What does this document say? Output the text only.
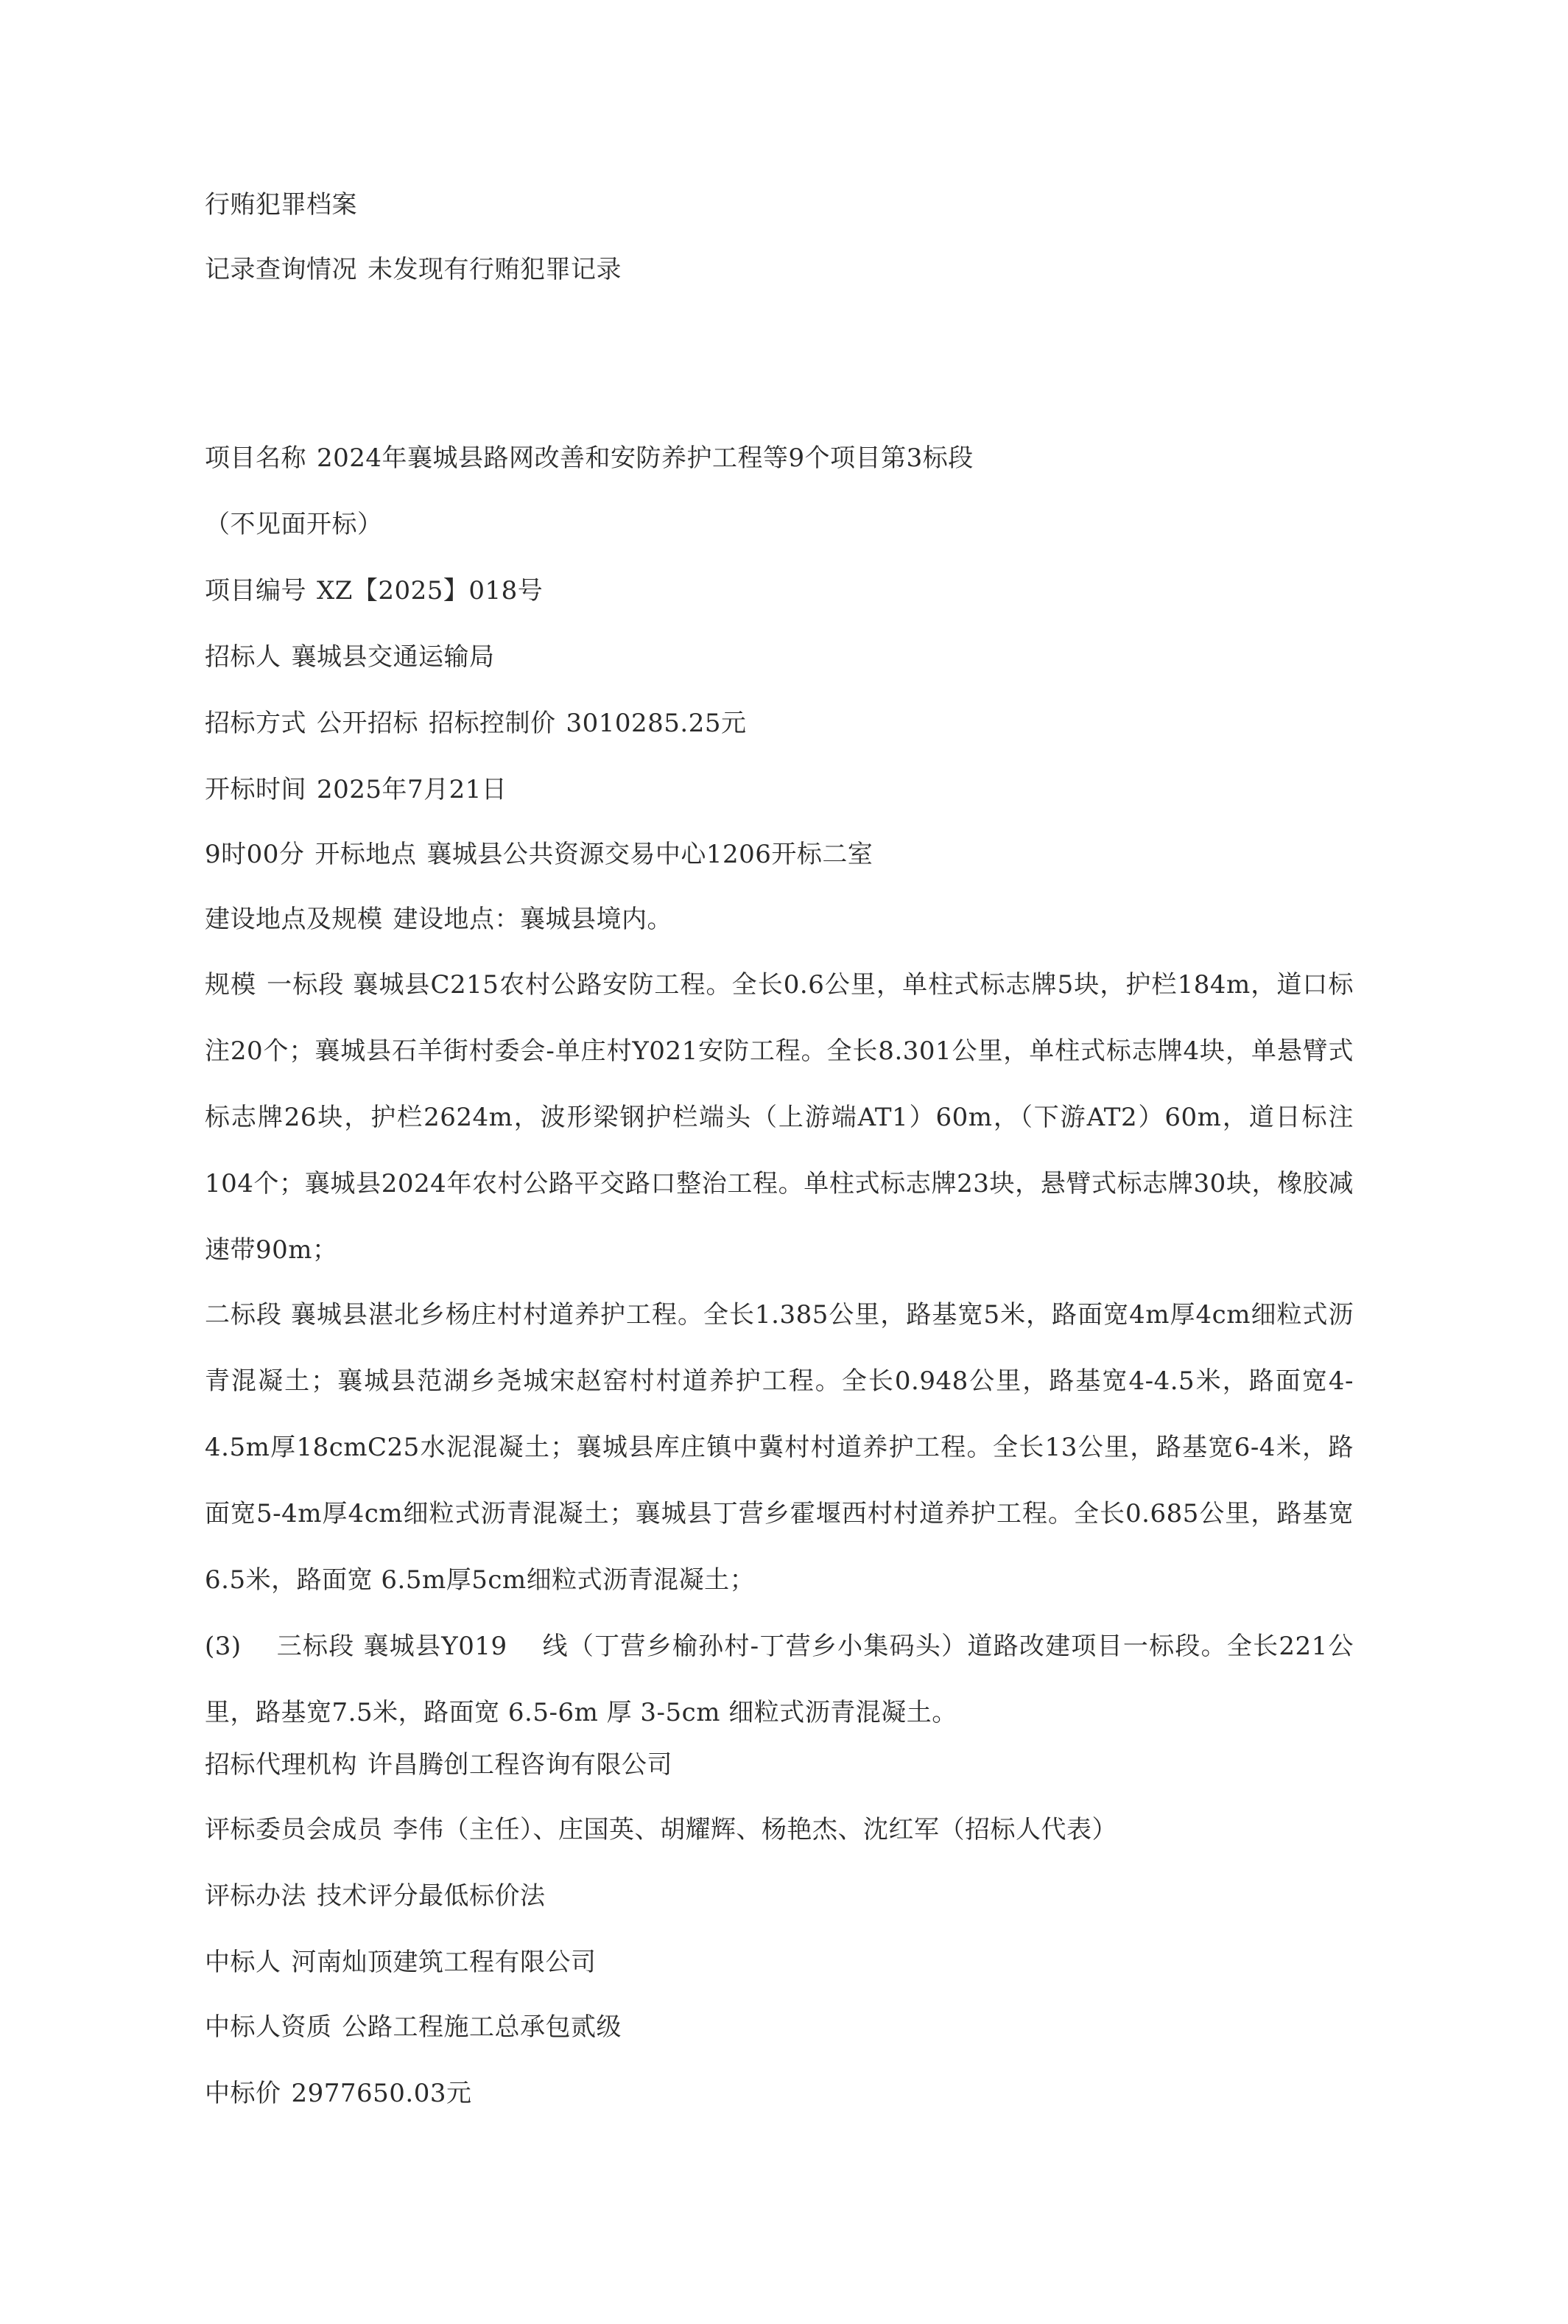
行贿犯罪档案
记录查询情况 未发现有行贿犯罪记录
项目名称 2024年襄城县路网改善和安防养护工程等9个项目第3标段
（不见面开标）
项目编号 XZ【2025】018号
招标人 襄城县交通运输局
招标方式 公开招标 招标控制价 3010285.25元
开标时间 2025年7月21日
9时00分 开标地点 襄城县公共资源交易中心1206开标二室
建设地点及规模 建设地点：襄城县境内。
规模 一标段 襄城县C215农村公路安防工程。全长0.6公里，单柱式标志牌5块，护栏184m，道口标注20个；襄城县石羊街村委会-单庄村Y021安防工程。全长8.301公里，单柱式标志牌4块，单悬臂式标志牌26块，护栏2624m，波形梁钢护栏端头（上游端AT1）60m，（下游AT2）60m，道日标注104个；襄城县2024年农村公路平交路口整治工程。单柱式标志牌23块，悬臂式标志牌30块，橡胶减速带90m；
二标段 襄城县湛北乡杨庄村村道养护工程。全长1.385公里，路基宽5米，路面宽4m厚4cm细粒式沥青混凝土；襄城县范湖乡尧城宋赵窑村村道养护工程。全长0.948公里，路基宽4-4.5米，路面宽4-4.5m厚18cmC25水泥混凝土；襄城县库庄镇中冀村村道养护工程。全长13公里，路基宽6-4米，路面宽5-4m厚4cm细粒式沥青混凝土；襄城县丁营乡霍堰西村村道养护工程。全长0.685公里，路基宽6.5米，路面宽 6.5m厚5cm细粒式沥青混凝土；
(3)　 三标段 襄城县Y019　 线（丁营乡榆孙村-丁营乡小集码头）道路改建项目一标段。全长221公里，路基宽7.5米，路面宽 6.5-6m 厚 3-5cm 细粒式沥青混凝土。
招标代理机构 许昌腾创工程咨询有限公司
评标委员会成员 李伟（主任）、庄国英、胡耀辉、杨艳杰、沈红军（招标人代表）
评标办法 技术评分最低标价法
中标人 河南灿顶建筑工程有限公司
中标人资质 公路工程施工总承包贰级
中标价 2977650.03元
